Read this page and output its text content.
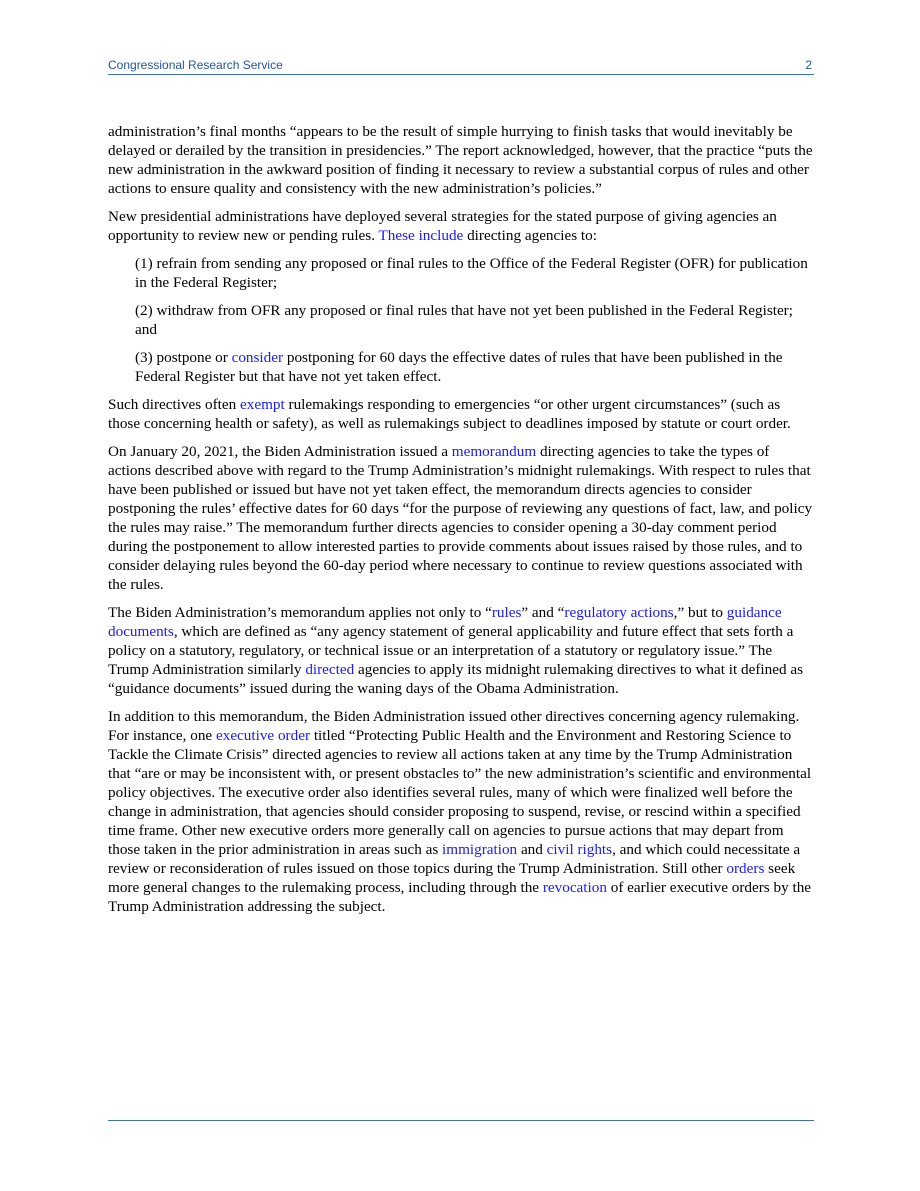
Congressional Research Service	2

administration’s final months “appears to be the result of simple hurrying to finish tasks that would inevitably be delayed or derailed by the transition in presidencies.” The report acknowledged, however, that the practice “puts the new administration in the awkward position of finding it necessary to review a substantial corpus of rules and other actions to ensure quality and consistency with the new administration’s policies.”

New presidential administrations have deployed several strategies for the stated purpose of giving agencies an opportunity to review new or pending rules. These include directing agencies to:

(1) refrain from sending any proposed or final rules to the Office of the Federal Register (OFR) for publication in the Federal Register;

(2) withdraw from OFR any proposed or final rules that have not yet been published in the Federal Register; and

(3) postpone or consider postponing for 60 days the effective dates of rules that have been published in the Federal Register but that have not yet taken effect.

Such directives often exempt rulemakings responding to emergencies “or other urgent circumstances” (such as those concerning health or safety), as well as rulemakings subject to deadlines imposed by statute or court order.

On January 20, 2021, the Biden Administration issued a memorandum directing agencies to take the types of actions described above with regard to the Trump Administration’s midnight rulemakings. With respect to rules that have been published or issued but have not yet taken effect, the memorandum directs agencies to consider postponing the rules’ effective dates for 60 days “for the purpose of reviewing any questions of fact, law, and policy the rules may raise.” The memorandum further directs agencies to consider opening a 30-day comment period during the postponement to allow interested parties to provide comments about issues raised by those rules, and to consider delaying rules beyond the 60-day period where necessary to continue to review questions associated with the rules.

The Biden Administration’s memorandum applies not only to “rules” and “regulatory actions,” but to guidance documents, which are defined as “any agency statement of general applicability and future effect that sets forth a policy on a statutory, regulatory, or technical issue or an interpretation of a statutory or regulatory issue.” The Trump Administration similarly directed agencies to apply its midnight rulemaking directives to what it defined as “guidance documents” issued during the waning days of the Obama Administration.

In addition to this memorandum, the Biden Administration issued other directives concerning agency rulemaking. For instance, one executive order titled “Protecting Public Health and the Environment and Restoring Science to Tackle the Climate Crisis” directed agencies to review all actions taken at any time by the Trump Administration that “are or may be inconsistent with, or present obstacles to” the new administration’s scientific and environmental policy objectives. The executive order also identifies several rules, many of which were finalized well before the change in administration, that agencies should consider proposing to suspend, revise, or rescind within a specified time frame. Other new executive orders more generally call on agencies to pursue actions that may depart from those taken in the prior administration in areas such as immigration and civil rights, and which could necessitate a review or reconsideration of rules issued on those topics during the Trump Administration. Still other orders seek more general changes to the rulemaking process, including through the revocation of earlier executive orders by the Trump Administration addressing the subject.
